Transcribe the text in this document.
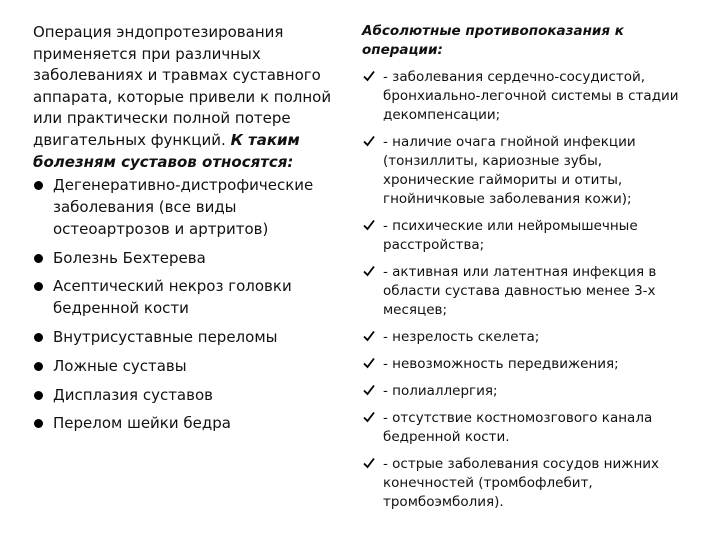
Операция эндопротезирования применяется при различных заболеваниях и травмах суставного аппарата, которые привели к полной или практически полной потере двигательных функций. К таким болезням суставов относятся:

Дегенеративно-дистрофические заболевания (все виды остеоартрозов и артритов)
Болезнь Бехтерева
Асептический некроз головки бедренной кости
Внутрисуставные переломы
Ложные суставы
Дисплазия суставов
Перелом шейки бедра
Абсолютные противопоказания к операции:
- заболевания сердечно-сосудистой, бронхиально-легочной системы в стадии декомпенсации;
- наличие очага гнойной инфекции (тонзиллиты, кариозные зубы, хронические гаймориты и отиты, гнойничковые заболевания кожи);
- психические или нейромышечные расстройства;
- активная или латентная инфекция в области сустава давностью менее 3-х месяцев;
- незрелость скелета;
- невозможность передвижения;
- полиаллергия;
- отсутствие костномозгового канала бедренной кости.
- острые заболевания сосудов нижних конечностей (тромбофлебит, тромбоэмболия).
